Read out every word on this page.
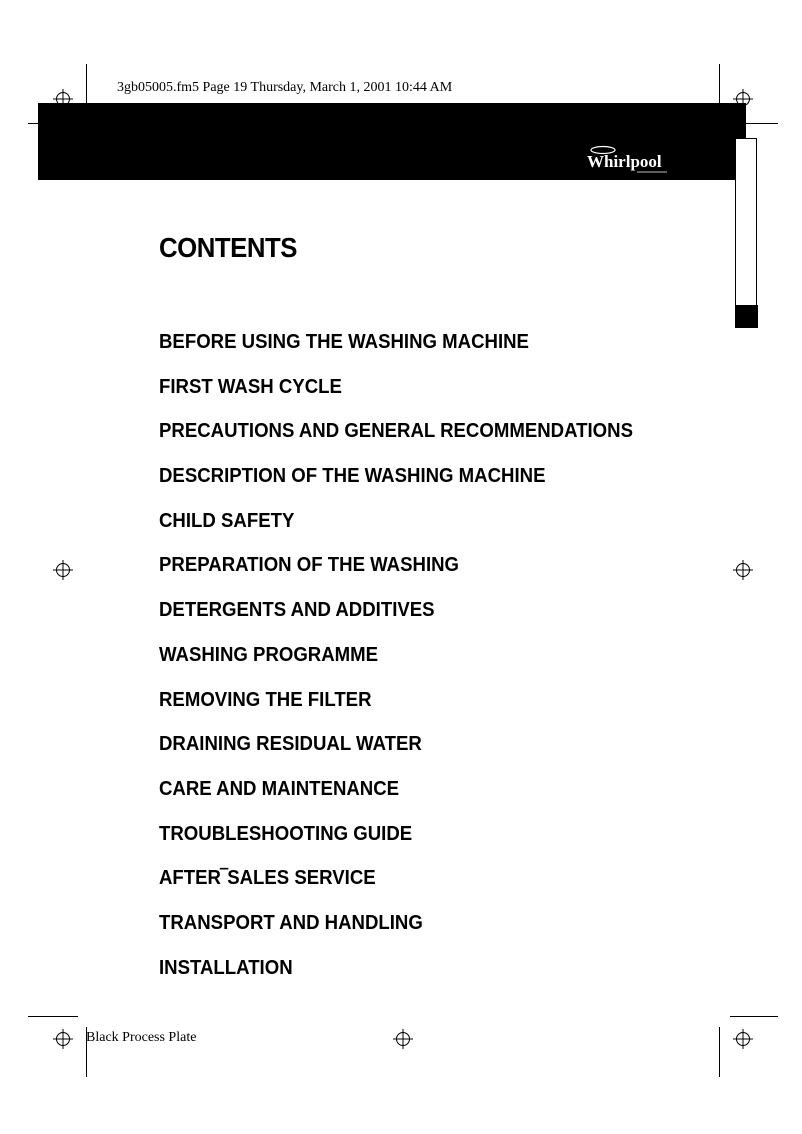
3gb05005.fm5 Page 19 Thursday, March 1, 2001 10:44 AM
Whirlpool
CONTENTS
BEFORE USING THE WASHING MACHINE
FIRST WASH CYCLE
PRECAUTIONS AND GENERAL RECOMMENDATIONS
DESCRIPTION OF THE WASHING MACHINE
CHILD SAFETY
PREPARATION OF THE WASHING
DETERGENTS AND ADDITIVES
WASHING PROGRAMME
REMOVING THE FILTER
DRAINING RESIDUAL WATER
CARE AND MAINTENANCE
TROUBLESHOOTING GUIDE
AFTER‾SALES SERVICE
TRANSPORT AND HANDLING
INSTALLATION
Black Process Plate
